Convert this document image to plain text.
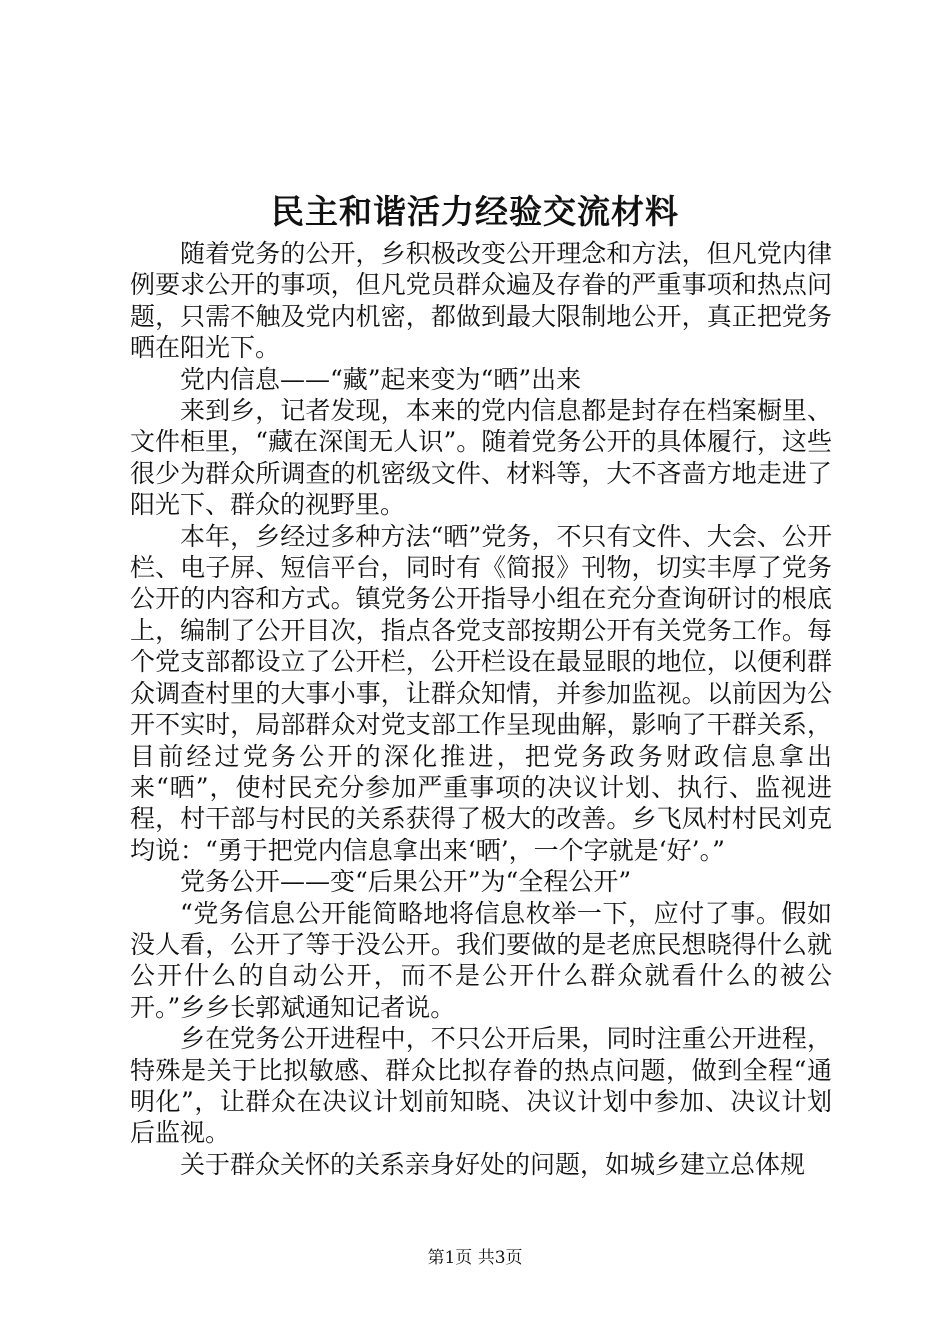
民主和谐活力经验交流材料

随着党务的公开，乡积极改变公开理念和方法，但凡党内律例要求公开的事项，但凡党员群众遍及存眷的严重事项和热点问题，只需不触及党内机密，都做到最大限制地公开，真正把党务晒在阳光下。

党内信息——“藏”起来变为“晒”出来

来到乡，记者发现，本来的党内信息都是封存在档案橱里、文件柜里，“藏在深闺无人识”。随着党务公开的具体履行，这些很少为群众所调查的机密级文件、材料等，大不吝啬方地走进了阳光下、群众的视野里。

本年，乡经过多种方法“晒”党务，不只有文件、大会、公开栏、电子屏、短信平台，同时有《简报》刊物，切实丰厚了党务公开的内容和方式。镇党务公开指导小组在充分查询研讨的根底上，编制了公开目次，指点各党支部按期公开有关党务工作。每个党支部都设立了公开栏，公开栏设在最显眼的地位，以便利群众调查村里的大事小事，让群众知情，并参加监视。以前因为公开不实时，局部群众对党支部工作呈现曲解，影响了干群关系，目前经过党务公开的深化推进，把党务政务财政信息拿出来“晒”，使村民充分参加严重事项的决议计划、执行、监视进程，村干部与村民的关系获得了极大的改善。乡飞凤村村民刘克均说：“勇于把党内信息拿出来‘晒’，一个字就是‘好’。”

党务公开——变“后果公开”为“全程公开”

“党务信息公开能简略地将信息枚举一下，应付了事。假如没人看，公开了等于没公开。我们要做的是老庶民想晓得什么就公开什么的自动公开，而不是公开什么群众就看什么的被公开。”乡乡长郭斌通知记者说。

乡在党务公开进程中，不只公开后果，同时注重公开进程，特殊是关于比拟敏感、群众比拟存眷的热点问题，做到全程“通明化”，让群众在决议计划前知晓、决议计划中参加、决议计划后监视。

关于群众关怀的关系亲身好处的问题，如城乡建立总体规

第1页 共3页
